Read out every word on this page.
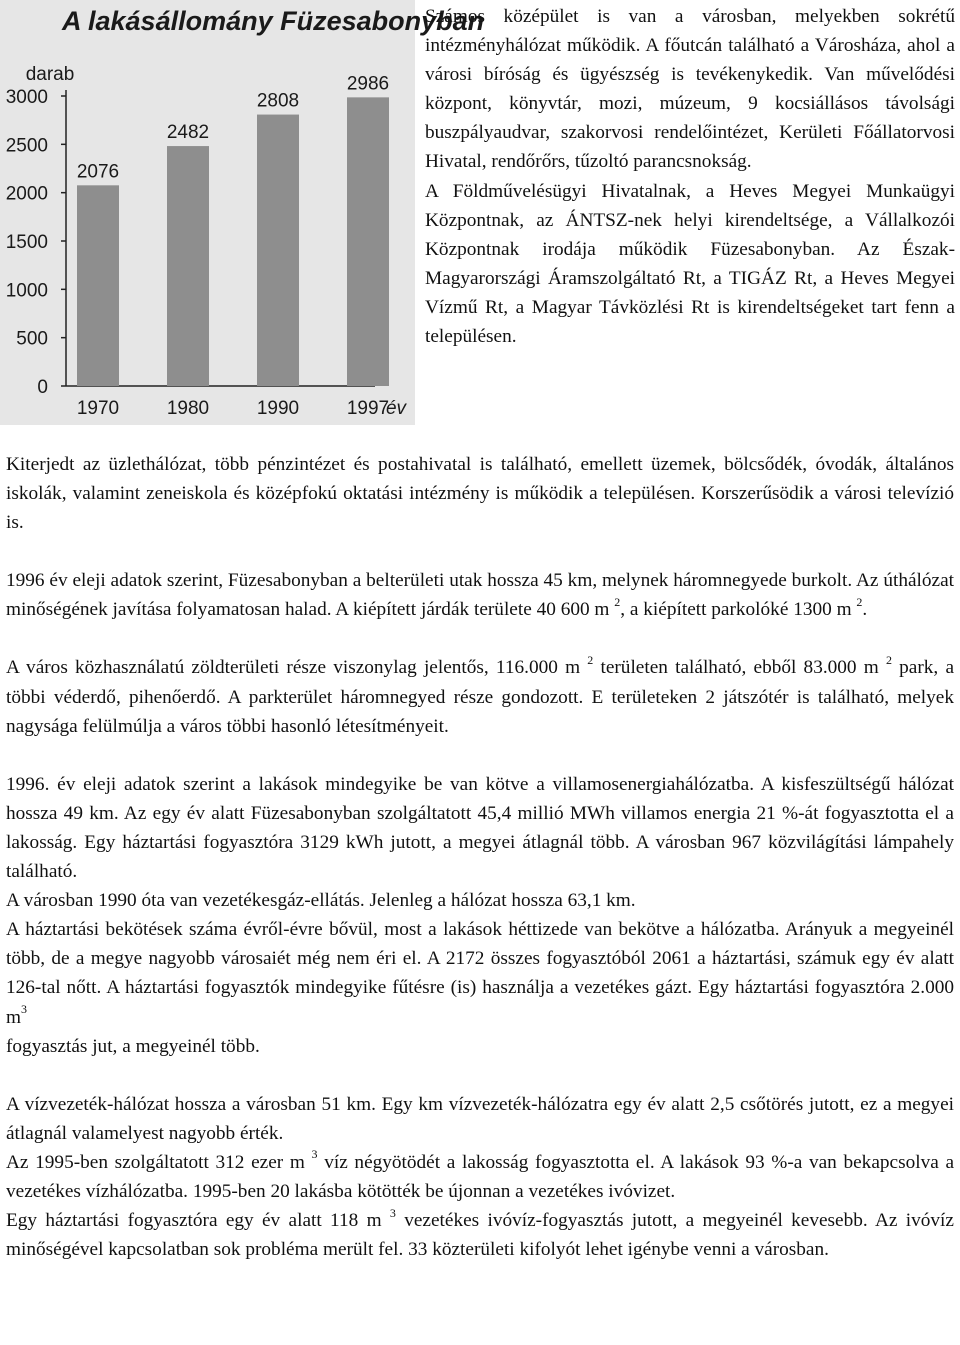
A lakásállomány Füzesabonyban
darab
év
0
500
1000
1500
2000
2500
3000
2076
1970
2482
1980
2808
1990
2986
1997

Számos középület is van a városban, melyekben sokrétű intézményhálózat működik. A főutcán található a Városháza, ahol a városi bíróság és ügyészség is tevékenykedik. Van művelődési központ, könyvtár, mozi, múzeum, 9 kocsiállásos távolsági buszpályaudvar, szakorvosi rendelőintézet, Kerületi Főállatorvosi Hivatal, rendőrőrs, tűzoltó parancsnokság.

A Földművelésügyi Hivatalnak, a Heves Megyei Munkaügyi Központnak, az ÁNTSZ-nek helyi kirendeltsége, a Vállalkozói Központnak irodája működik Füzesabonyban. Az Észak-Magyarországi Áramszolgáltató Rt, a TIGÁZ Rt, a Heves Megyei Vízmű Rt, a Magyar Távközlési Rt is kirendeltségeket tart fenn a településen.

Kiterjedt az üzlethálózat, több pénzintézet és postahivatal is található, emellett üzemek, bölcsődék, óvodák, általános iskolák, valamint zeneiskola és középfokú oktatási intézmény is működik a településen. Korszerűsödik a városi televízió is.

1996 év eleji adatok szerint, Füzesabonyban a belterületi utak hossza 45 km, melynek háromnegyede burkolt. Az úthálózat minőségének javítása folyamatosan halad. A kiépített járdák területe 40 600 m $^2$, a kiépített parkolóké 1300 m $^2$.

A város közhasználatú zöldterületi része viszonylag jelentős, 116.000 m $^2$ területen található, ebből 83.000 m $^2$ park, a többi véderdő, pihenőerdő. A parkterület háromnegyed része gondozott. E területeken 2 játszótér is található, melyek nagysága felülmúlja a város többi hasonló létesítményeit.

1996. év eleji adatok szerint a lakások mindegyike be van kötve a villamosenergiahálózatba. A kisfeszültségű hálózat hossza 49 km. Az egy év alatt Füzesabonyban szolgáltatott 45,4 millió MWh villamos energia 21 %-át fogyasztotta el a lakosság. Egy háztartási fogyasztóra 3129 kWh jutott, a megyei átlagnál több. A városban 967 közvilágítási lámpahely található.

A városban 1990 óta van vezetékesgáz-ellátás. Jelenleg a hálózat hossza 63,1 km.

A háztartási bekötések száma évről-évre bővül, most a lakások héttizede van bekötve a hálózatba. Arányuk a megyeinél több, de a megye nagyobb városaiét még nem éri el. A 2172 összes fogyasztóból 2061 a háztartási, számuk egy év alatt 126-tal nőtt. A háztartási fogyasztók mindegyike fűtésre (is) használja a vezetékes gázt. Egy háztartási fogyasztóra 2.000 $m^3$
fogyasztás jut, a megyeinél több.

A vízvezeték-hálózat hossza a városban 51 km. Egy km vízvezeték-hálózatra egy év alatt 2,5 csőtörés jutott, ez a megyei átlagnál valamelyest nagyobb érték.

Az 1995-ben szolgáltatott 312 ezer m $^3$ víz négyötödét a lakosság fogyasztotta el. A lakások 93 %-a van bekapcsolva a vezetékes vízhálózatba. 1995-ben 20 lakásba kötötték be újonnan a vezetékes ivóvizet.

Egy háztartási fogyasztóra egy év alatt 118 m $^3$ vezetékes ivóvíz-fogyasztás jutott, a megyeinél kevesebb. Az ivóvíz minőségével kapcsolatban sok probléma merült fel. 33 közterületi kifolyót lehet igénybe venni a városban.
